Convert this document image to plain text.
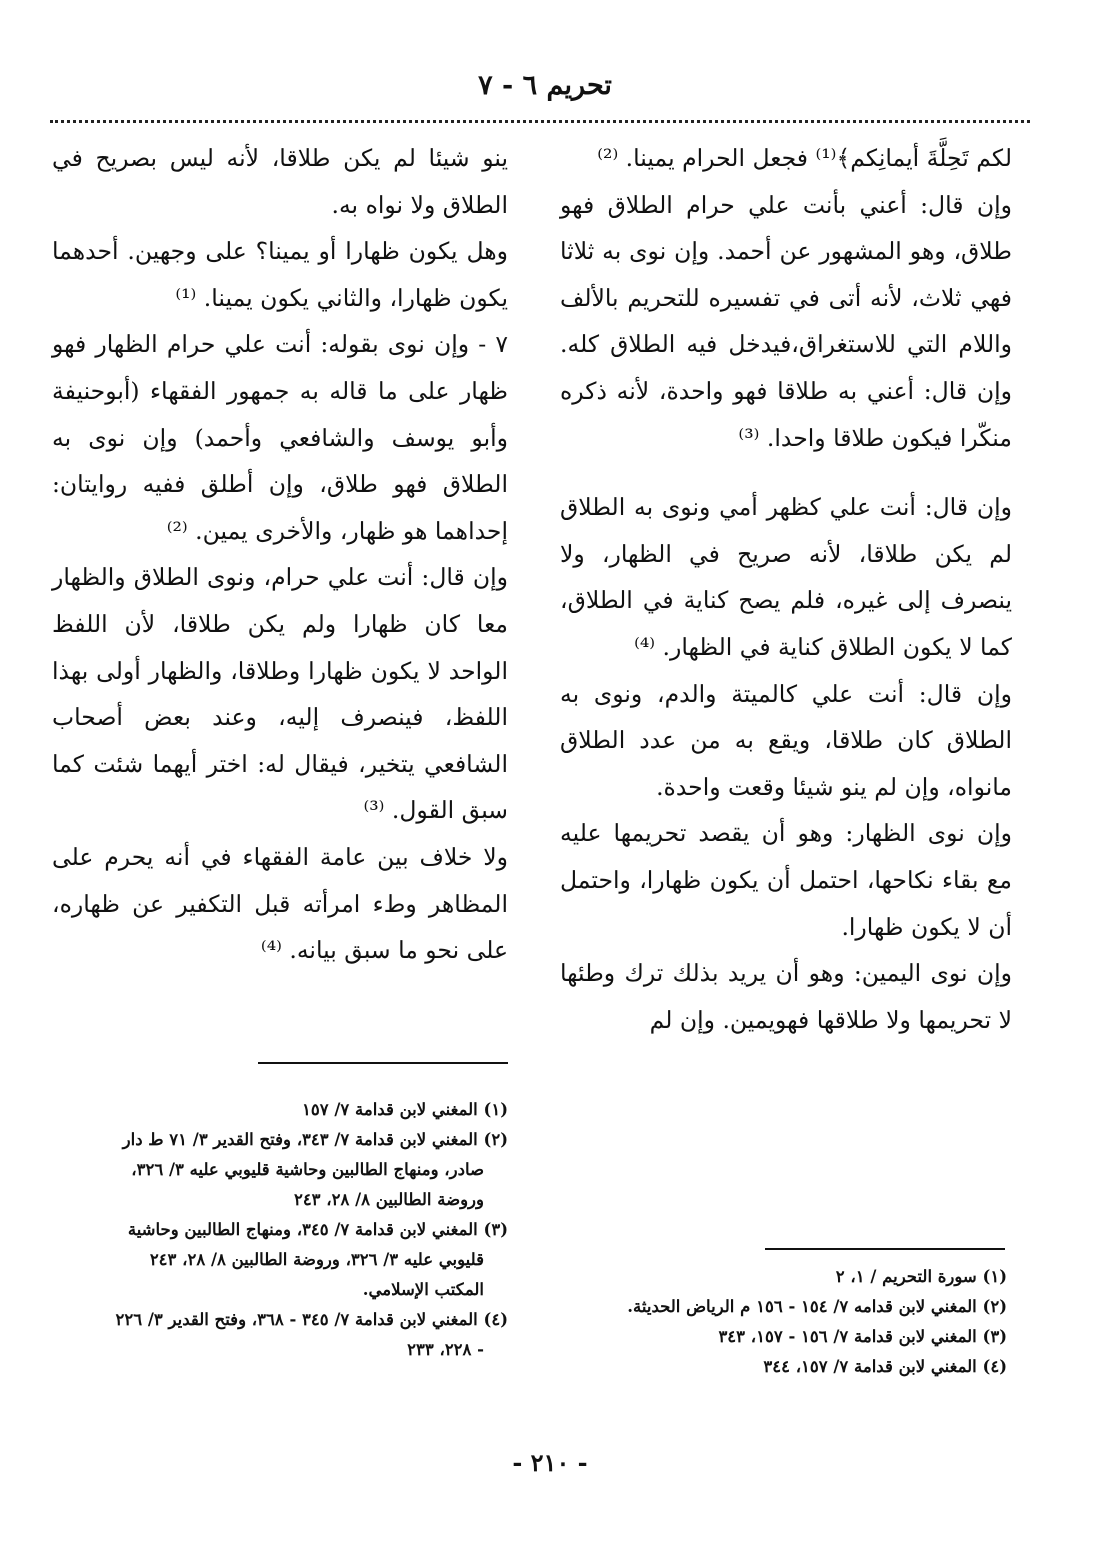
تحريم ٦ - ٧

لكم تَحِلَّةَ أيمانِكم﴾⁽¹⁾ فجعل الحرام يمينا. ⁽²⁾

وإن قال: أعني بأنت علي حرام الطلاق فهو طلاق، وهو المشهور عن أحمد. وإن نوى به ثلاثا فهي ثلاث، لأنه أتى في تفسيره للتحريم بالألف واللام التي للاستغراق،فيدخل فيه الطلاق كله. وإن قال: أعني به طلاقا فهو واحدة، لأنه ذكره منكّرا فيكون طلاقا واحدا. ⁽³⁾

وإن قال: أنت علي كظهر أمي ونوى به الطلاق لم يكن طلاقا، لأنه صريح في الظهار، ولا ينصرف إلى غيره، فلم يصح كناية في الطلاق، كما لا يكون الطلاق كناية في الظهار. ⁽⁴⁾

وإن قال: أنت علي كالميتة والدم، ونوى به الطلاق كان طلاقا، ويقع به من عدد الطلاق مانواه، وإن لم ينو شيئا وقعت واحدة.

وإن نوى الظهار: وهو أن يقصد تحريمها عليه مع بقاء نكاحها، احتمل أن يكون ظهارا، واحتمل أن لا يكون ظهارا.

وإن نوى اليمين: وهو أن يريد بذلك ترك وطئها لا تحريمها ولا طلاقها فهويمين. وإن لم

ينو شيئا لم يكن طلاقا، لأنه ليس بصريح في الطلاق ولا نواه به.

وهل يكون ظهارا أو يمينا؟ على وجهين. أحدهما يكون ظهارا، والثاني يكون يمينا. ⁽¹⁾

٧ - وإن نوى بقوله: أنت علي حرام الظهار فهو ظهار على ما قاله به جمهور الفقهاء (أبوحنيفة وأبو يوسف والشافعي وأحمد) وإن نوى به الطلاق فهو طلاق، وإن أطلق ففيه روايتان: إحداهما هو ظهار، والأخرى يمين. ⁽²⁾

وإن قال: أنت علي حرام، ونوى الطلاق والظهار معا كان ظهارا ولم يكن طلاقا، لأن اللفظ الواحد لا يكون ظهارا وطلاقا، والظهار أولى بهذا اللفظ، فينصرف إليه، وعند بعض أصحاب الشافعي يتخير، فيقال له: اختر أيهما شئت كما سبق القول. ⁽³⁾

ولا خلاف بين عامة الفقهاء في أنه يحرم على المظاهر وطء امرأته قبل التكفير عن ظهاره، على نحو ما سبق بيانه. ⁽⁴⁾

(١) سورة التحريم / ١، ٢

(٢) المغني لابن قدامه ٧/ ١٥٤ - ١٥٦ م الرياض الحديثة.

(٣) المغني لابن قدامة ٧/ ١٥٦ - ١٥٧، ٣٤٣

(٤) المغني لابن قدامة ٧/ ١٥٧، ٣٤٤

(١) المغني لابن قدامة ٧/ ١٥٧

(٢) المغني لابن قدامة ٧/ ٣٤٣، وفتح القدير ٣/ ٧١ ط دار

صادر، ومنهاج الطالبين وحاشية قليوبي عليه ٣/ ٣٢٦،

وروضة الطالبين ٨/ ٢٨، ٢٤٣

(٣) المغني لابن قدامة ٧/ ٣٤٥، ومنهاج الطالبين وحاشية

قليوبي عليه ٣/ ٣٢٦، وروضة الطالبين ٨/ ٢٨، ٢٤٣

المكتب الإسلامي.

(٤) المغني لابن قدامة ٧/ ٣٤٥ - ٣٦٨، وفتح القدير ٣/ ٢٢٦

- ٢٢٨، ٢٣٣

- ٢١٠ -
